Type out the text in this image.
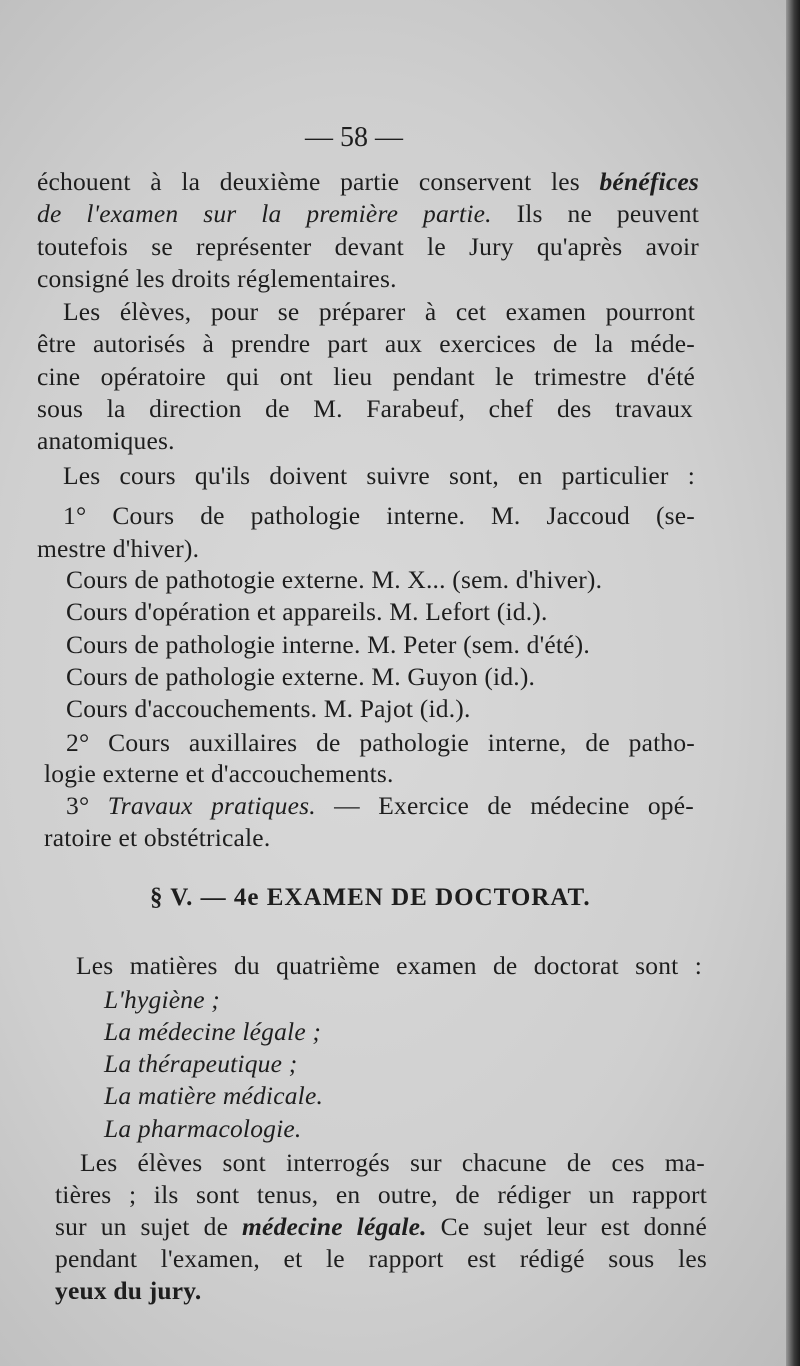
— 58 —
échouent à la deuxième partie conservent les bénéfices
de l'examen sur la première partie. Ils ne peuvent
toutefois se représenter devant le Jury qu'après avoir
consigné les droits réglementaires.
Les élèves, pour se préparer à cet examen pourront
être autorisés à prendre part aux exercices de la méde-
cine opératoire qui ont lieu pendant le trimestre d'été
sous la direction de M. Farabeuf, chef des travaux
anatomiques.
Les cours qu'ils doivent suivre sont, en particulier :
1° Cours de pathologie interne. M. Jaccoud (se-
mestre d'hiver).
Cours de pathotogie externe. M. X... (sem. d'hiver).
Cours d'opération et appareils. M. Lefort (id.).
Cours de pathologie interne. M. Peter (sem. d'été).
Cours de pathologie externe. M. Guyon (id.).
Cours d'accouchements. M. Pajot (id.).
2° Cours auxillaires de pathologie interne, de patho-
logie externe et d'accouchements.
3° Travaux pratiques. — Exercice de médecine opé-
ratoire et obstétricale.
§ V. — 4e EXAMEN DE DOCTORAT.
Les matières du quatrième examen de doctorat sont :
L'hygiène ;
La médecine légale ;
La thérapeutique ;
La matière médicale.
La pharmacologie.
Les élèves sont interrogés sur chacune de ces ma-
tières ; ils sont tenus, en outre, de rédiger un rapport
sur un sujet de médecine légale. Ce sujet leur est donné
pendant l'examen, et le rapport est rédigé sous les
yeux du jury.
